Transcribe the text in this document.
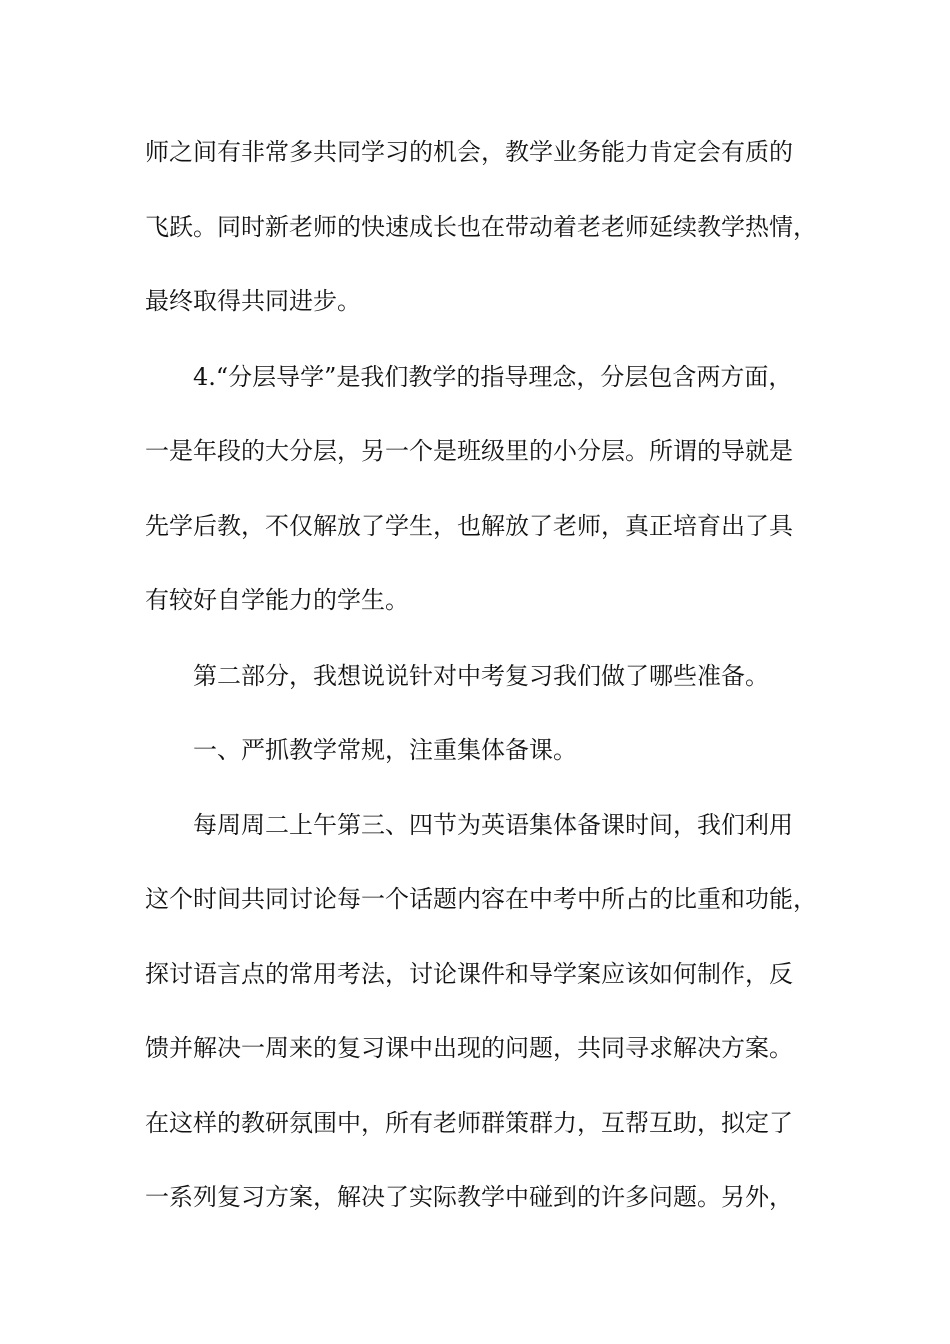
师之间有非常多共同学习的机会，教学业务能力肯定会有质的
飞跃。同时新老师的快速成长也在带动着老老师延续教学热情，
最终取得共同进步。
4.“分层导学”是我们教学的指导理念，分层包含两方面，
一是年段的大分层，另一个是班级里的小分层。所谓的导就是
先学后教，不仅解放了学生，也解放了老师，真正培育出了具
有较好自学能力的学生。
第二部分，我想说说针对中考复习我们做了哪些准备。
一、严抓教学常规，注重集体备课。
每周周二上午第三、四节为英语集体备课时间，我们利用
这个时间共同讨论每一个话题内容在中考中所占的比重和功能，
探讨语言点的常用考法，讨论课件和导学案应该如何制作，反
馈并解决一周来的复习课中出现的问题，共同寻求解决方案。
在这样的教研氛围中，所有老师群策群力，互帮互助，拟定了
一系列复习方案，解决了实际教学中碰到的许多问题。另外，
